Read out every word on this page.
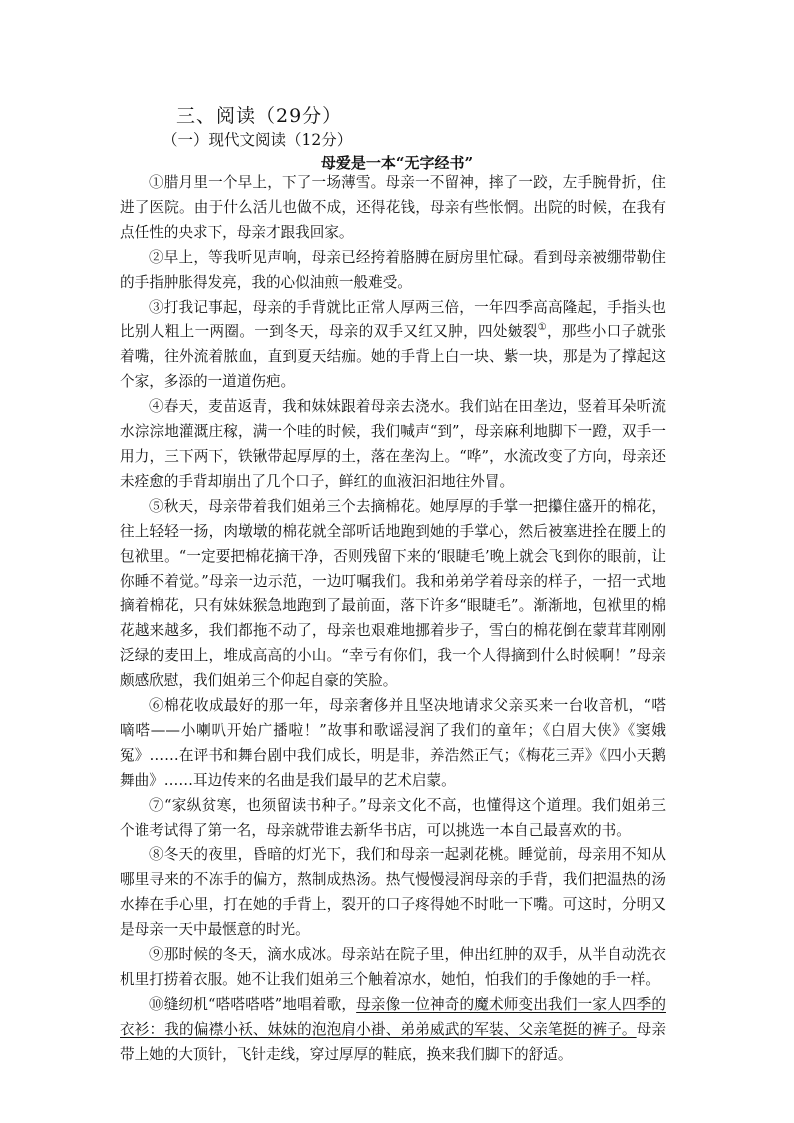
三、阅读（29分）
（一）现代文阅读（12分）
母爱是一本“无字经书”

①腊月里一个早上，下了一场薄雪。母亲一不留神，摔了一跤，左手腕骨折，住进了医院。由于什么活儿也做不成，还得花钱，母亲有些怅惘。出院的时候，在我有点任性的央求下，母亲才跟我回家。

②早上，等我听见声响，母亲已经挎着胳膊在厨房里忙碌。看到母亲被绷带勒住的手指肿胀得发亮，我的心似油煎一般难受。

③打我记事起，母亲的手背就比正常人厚两三倍，一年四季高高隆起，手指头也比别人粗上一两圈。一到冬天，母亲的双手又红又肿，四处皴裂①，那些小口子就张着嘴，往外流着脓血，直到夏天结痂。她的手背上白一块、紫一块，那是为了撑起这个家，多添的一道道伤疤。

④春天，麦苗返青，我和妹妹跟着母亲去浇水。我们站在田垄边，竖着耳朵听流水淙淙地灌溉庄稼，满一个哇的时候，我们喊声“到”，母亲麻利地脚下一蹬，双手一用力，三下两下，铁锹带起厚厚的土，落在垄沟上。“哗”，水流改变了方向，母亲还未痊愈的手背却崩出了几个口子，鲜红的血液汩汩地往外冒。

⑤秋天，母亲带着我们姐弟三个去摘棉花。她厚厚的手掌一把攥住盛开的棉花，往上轻轻一扬，肉墩墩的棉花就全部听话地跑到她的手掌心，然后被塞进拴在腰上的包袱里。“一定要把棉花摘干净，否则残留下来的‘眼睫毛’晚上就会飞到你的眼前，让你睡不着觉。”母亲一边示范，一边叮嘱我们。我和弟弟学着母亲的样子，一招一式地摘着棉花，只有妹妹猴急地跑到了最前面，落下许多“眼睫毛”。渐渐地，包袱里的棉花越来越多，我们都拖不动了，母亲也艰难地挪着步子，雪白的棉花倒在蒙茸茸刚刚泛绿的麦田上，堆成高高的小山。“幸亏有你们，我一个人得摘到什么时候啊！”母亲颇感欣慰，我们姐弟三个仰起自豪的笑脸。

⑥棉花收成最好的那一年，母亲奢侈并且坚决地请求父亲买来一台收音机，“嗒嘀嗒——小喇叭开始广播啦！”故事和歌谣浸润了我们的童年；《白眉大侠》《窦娥冤》……在评书和舞台剧中我们成长，明是非，养浩然正气；《梅花三弄》《四小天鹅舞曲》……耳边传来的名曲是我们最早的艺术启蒙。

⑦“家纵贫寒，也须留读书种子。”母亲文化不高，也懂得这个道理。我们姐弟三个谁考试得了第一名，母亲就带谁去新华书店，可以挑选一本自己最喜欢的书。

⑧冬天的夜里，昏暗的灯光下，我们和母亲一起剥花桃。睡觉前，母亲用不知从哪里寻来的不冻手的偏方，熬制成热汤。热气慢慢浸润母亲的手背，我们把温热的汤水捧在手心里，打在她的手背上，裂开的口子疼得她不时吡一下嘴。可这时，分明又是母亲一天中最惬意的时光。

⑨那时候的冬天，滴水成冰。母亲站在院子里，伸出红肿的双手，从半自动洗衣机里打捞着衣服。她不让我们姐弟三个触着凉水，她怕，怕我们的手像她的手一样。

⑩缝纫机“嗒嗒嗒嗒”地唱着歌，母亲像一位神奇的魔术师变出我们一家人四季的衣衫：我的偏襟小袄、妹妹的泡泡肩小褂、弟弟威武的军装、父亲笔挺的裤子。母亲带上她的大顶针，飞针走线，穿过厚厚的鞋底，换来我们脚下的舒适。
